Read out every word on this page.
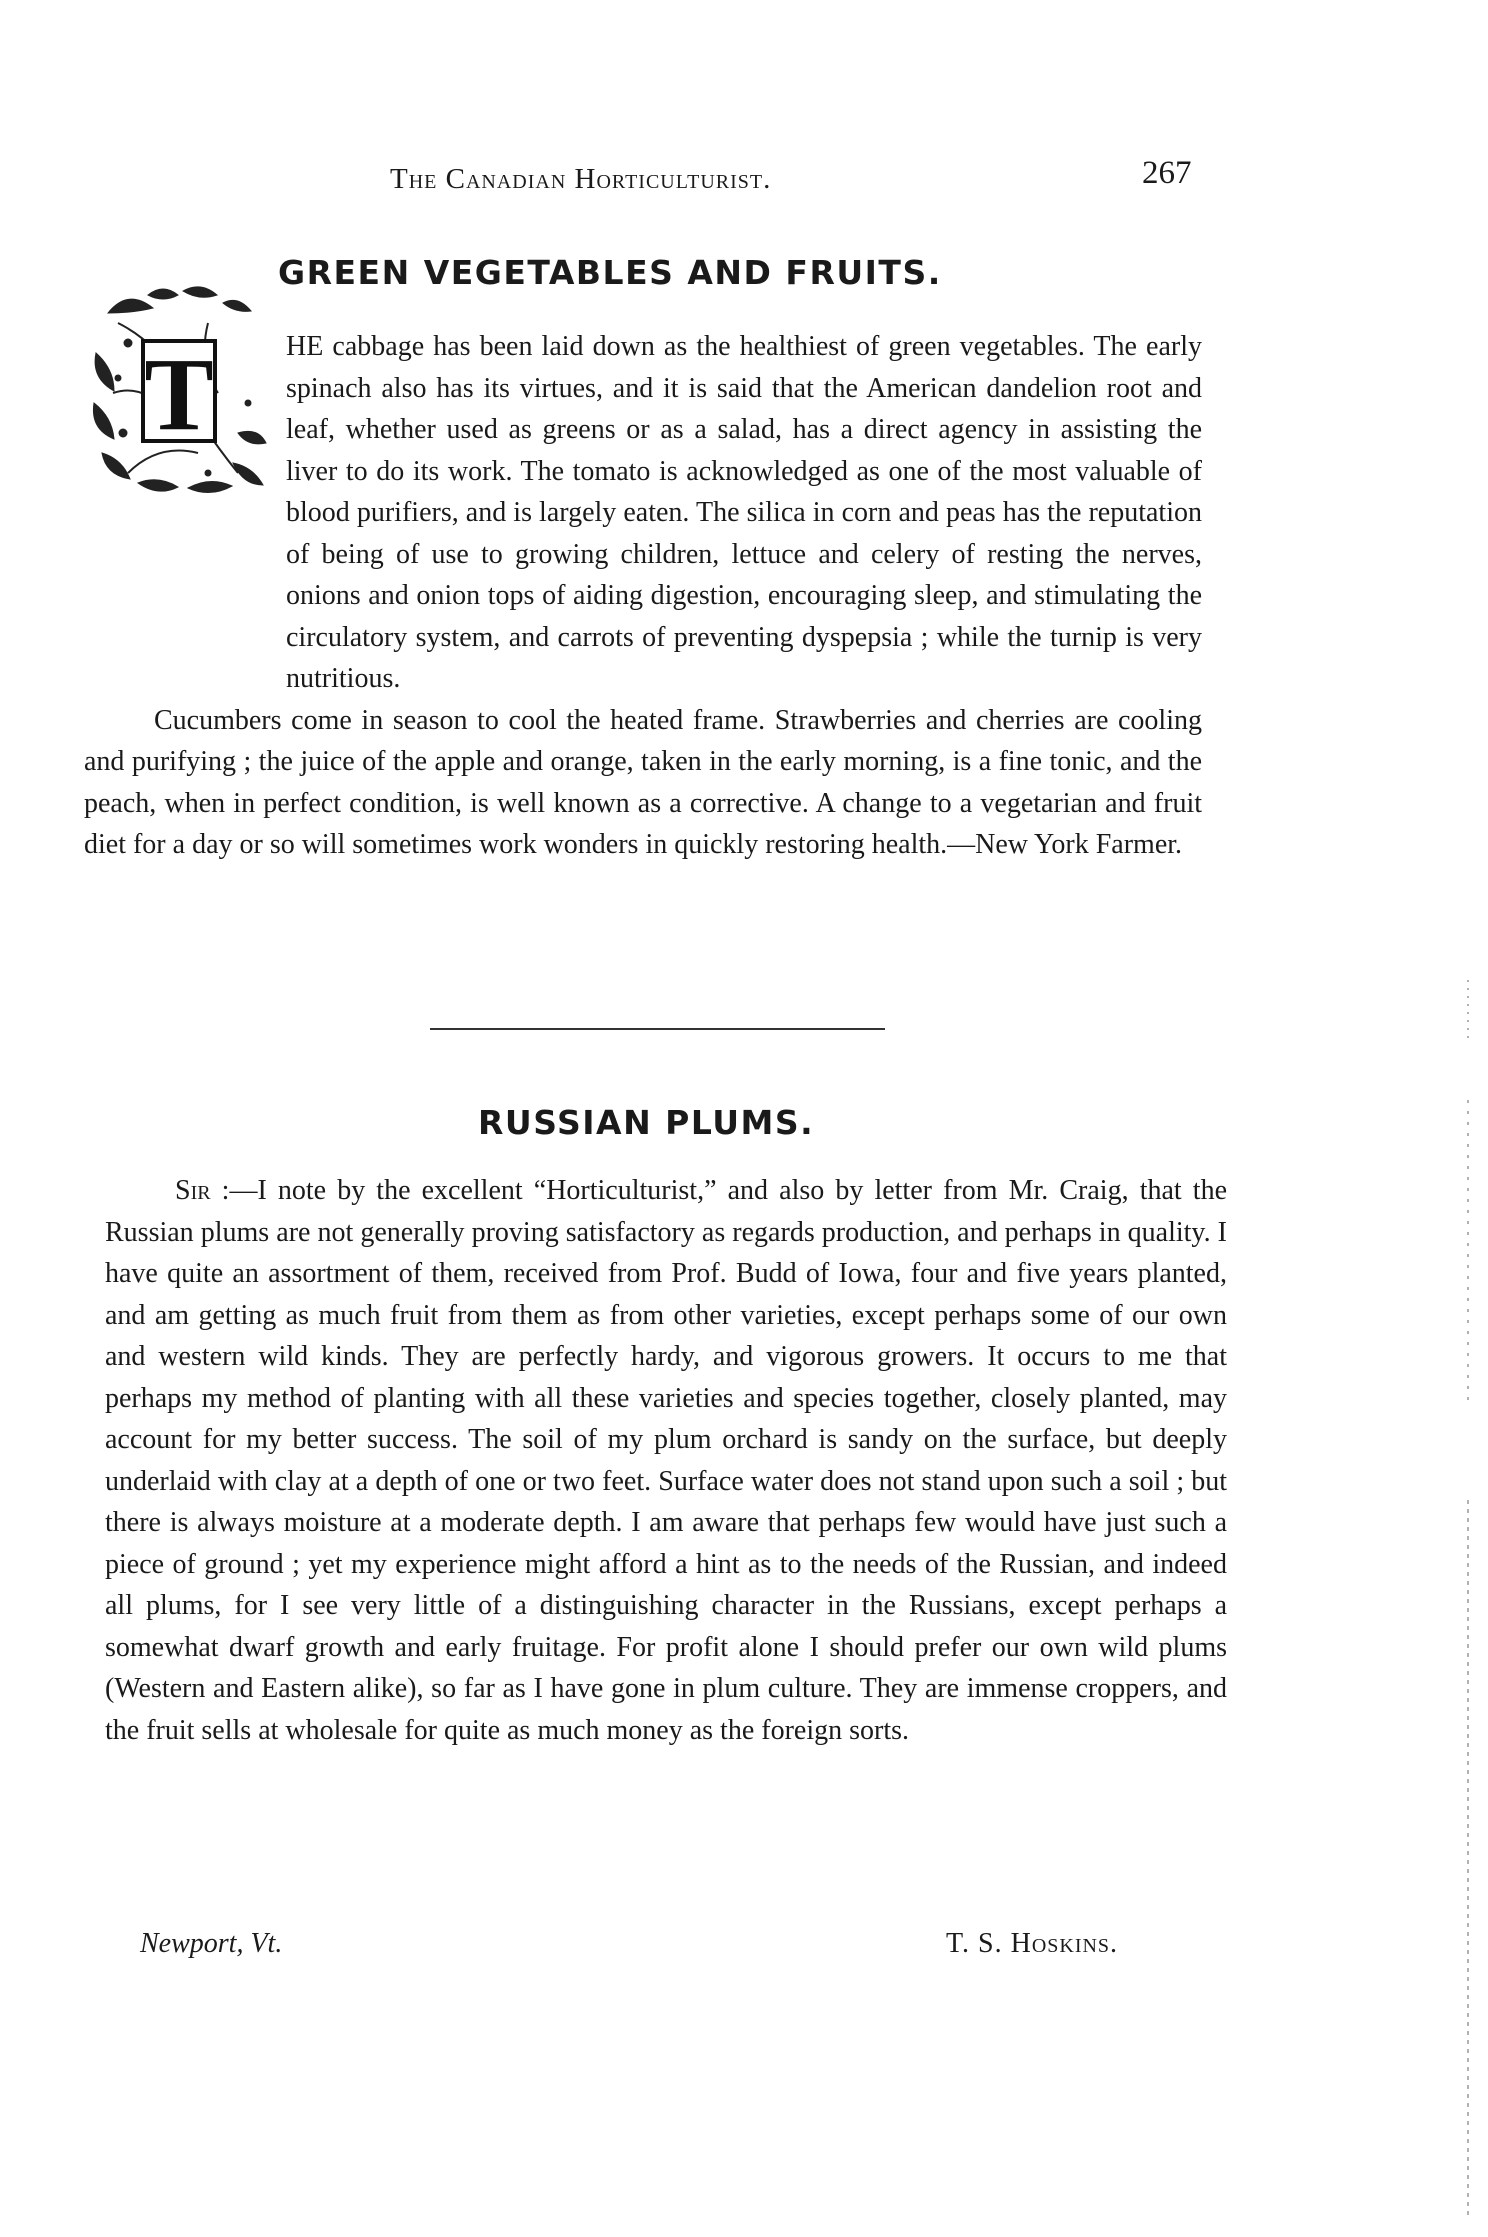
The Canadian Horticulturist.	267
GREEN VEGETABLES AND FRUITS.
T	HE cabbage has been laid down as the healthiest of green vegetables. The early spinach also has its virtues, and it is said that the American dandelion root and leaf, whether used as greens or as a salad, has a direct agency in assisting the liver to do its work. The tomato is acknowledged as one of the most valuable of blood purifiers, and is largely eaten. The silica in corn and peas has the reputation of being of use to growing children, lettuce and celery of resting the nerves, onions and onion tops of aiding digestion, encouraging sleep, and stimulating the circulatory system, and carrots of preventing dyspepsia ; while the turnip is very nutritious.

Cucumbers come in season to cool the heated frame. Strawberries and cherries are cooling and purifying ; the juice of the apple and orange, taken in the early morning, is a fine tonic, and the peach, when in perfect condition, is well known as a corrective. A change to a vegetarian and fruit diet for a day or so will sometimes work wonders in quickly restoring health.—New York Farmer.

RUSSIAN PLUMS.

Sir :—I note by the excellent “Horticulturist,” and also by letter from Mr. Craig, that the Russian plums are not generally proving satisfactory as regards production, and perhaps in quality. I have quite an assortment of them, received from Prof. Budd of Iowa, four and five years planted, and am getting as much fruit from them as from other varieties, except perhaps some of our own and western wild kinds. They are perfectly hardy, and vigorous growers. It occurs to me that perhaps my method of planting with all these varieties and species together, closely planted, may account for my better success. The soil of my plum orchard is sandy on the surface, but deeply underlaid with clay at a depth of one or two feet. Surface water does not stand upon such a soil ; but there is always moisture at a moderate depth. I am aware that perhaps few would have just such a piece of ground ; yet my experience might afford a hint as to the needs of the Russian, and indeed all plums, for I see very little of a distinguishing character in the Russians, except perhaps a somewhat dwarf growth and early fruitage. For profit alone I should prefer our own wild plums (Western and Eastern alike), so far as I have gone in plum culture. They are immense croppers, and the fruit sells at wholesale for quite as much money as the foreign sorts.

Newport, Vt.	T. S. Hoskins.
